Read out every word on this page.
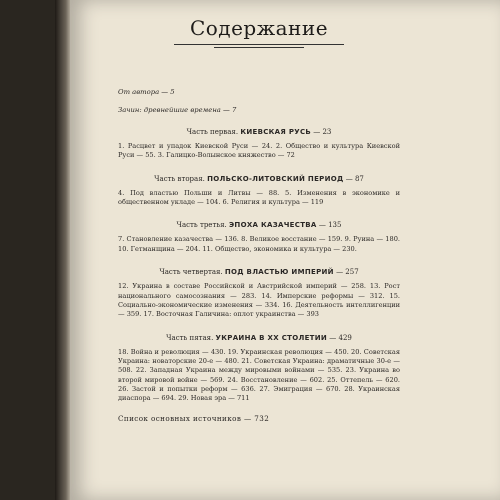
Содержание
От автора — 5
Зачин: древнейшие времена — 7
Часть первая. КИЕВСКАЯ РУСЬ — 23
1. Расцвет и упадок Киевской Руси — 24. 2. Общество и культура Киевской Руси — 55. 3. Галицко-Волынское княжество — 72
Часть вторая. ПОЛЬСКО-ЛИТОВСКИЙ ПЕРИОД — 87
4. Под властью Польши и Литвы — 88. 5. Изменения в экономике и общественном укладе — 104. 6. Религия и культура — 119
Часть третья. ЭПОХА КАЗАЧЕСТВА — 135
7. Становление казачества — 136. 8. Великое восстание — 159. 9. Руина — 180. 10. Гетманщина — 204. 11. Общество, экономика и культура — 230.
Часть четвертая. ПОД ВЛАСТЬЮ ИМПЕРИЙ — 257
12. Украина в составе Российской и Австрийской империй — 258. 13. Рост национального самосознания — 283. 14. Имперские реформы — 312. 15. Социально-экономические изменения — 334. 16. Деятельность интеллигенции — 359. 17. Восточная Галичина: оплот украинства — 393
Часть пятая. УКРАИНА В XX СТОЛЕТИИ — 429
18. Война и революция — 430. 19. Украинская революция — 450. 20. Советская Украина: новаторские 20-е — 480. 21. Советская Украина: драматичные 30-е — 508. 22. Западная Украина между мировыми войнами — 535. 23. Украина во второй мировой войне — 569. 24. Восстановление — 602. 25. Оттепель — 620. 26. Застой и попытки реформ — 636. 27. Эмиграция — 670. 28. Украинская диаспора — 694. 29. Новая эра — 711
Список основных источников — 732
